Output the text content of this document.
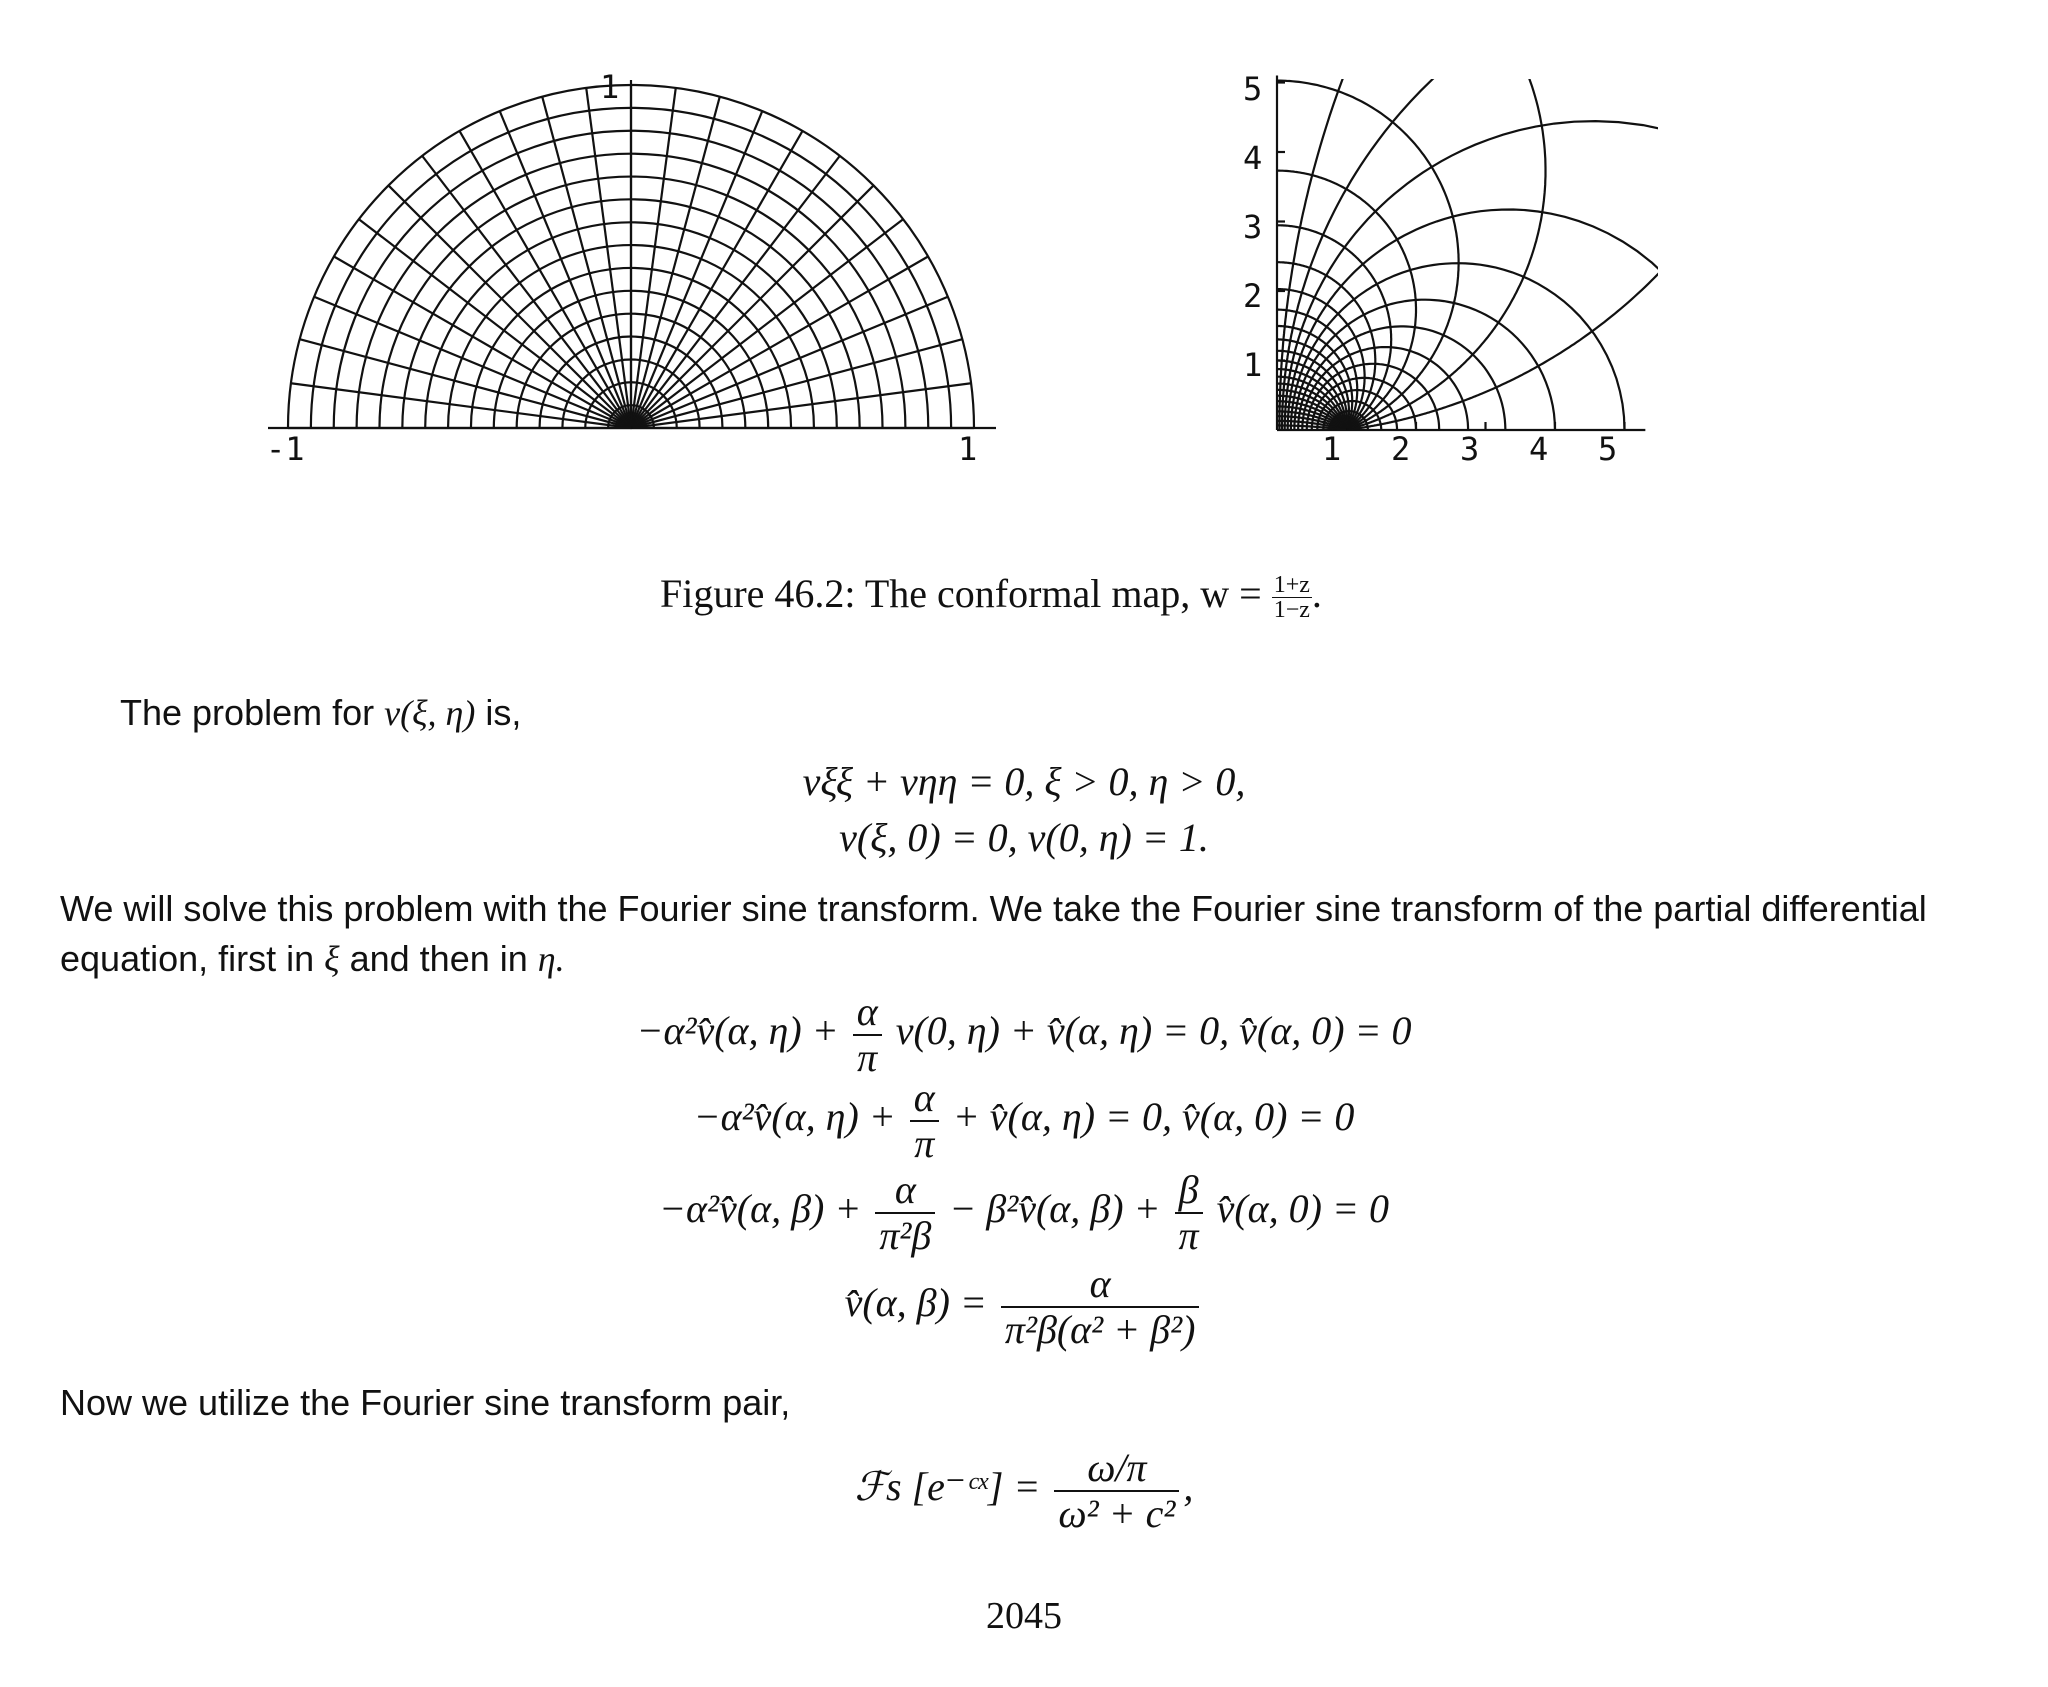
1
-1	1	1 2 3 4 5
1
2
3
4
5
Figure 46.2: The conformal map, $w = \frac{1+z}{1-z}$ .
The problem for v(ξ, η) is,
vξξ + vηη = 0, ξ > 0, η > 0,
v(ξ, 0) = 0, v(0, η) = 1.
We will solve this problem with the Fourier sine transform. We take the Fourier sine transform of the partial differential
equation, first in ξ and then in η.
−α²v̂(α, $\eta) + \frac{\alpha}{\pi} v(0$, η) + v̂(α, η) = 0, v̂(α, 0) = 0
−α²v̂(α, $\eta) + \frac{\alpha}{\pi}$ + v̂(α, η) = 0, v̂(α, 0) = 0
−α²v̂̂(α, $\beta) + \frac{\alpha}{\text{π²β}}$ − β²v̂̂(α, $\beta) + \frac{\beta}{\pi}$ v̂(α, 0) = 0
v̂̂(α, $\beta) = \frac{\alpha}{\text{π²β(α² + β²)}}$
Now we utilize the Fourier sine transform pair,
ℱs [e⁻ᶜˣ] = $\frac{\omega/\pi}{\text{ω² + c²}}$ ,
2045
